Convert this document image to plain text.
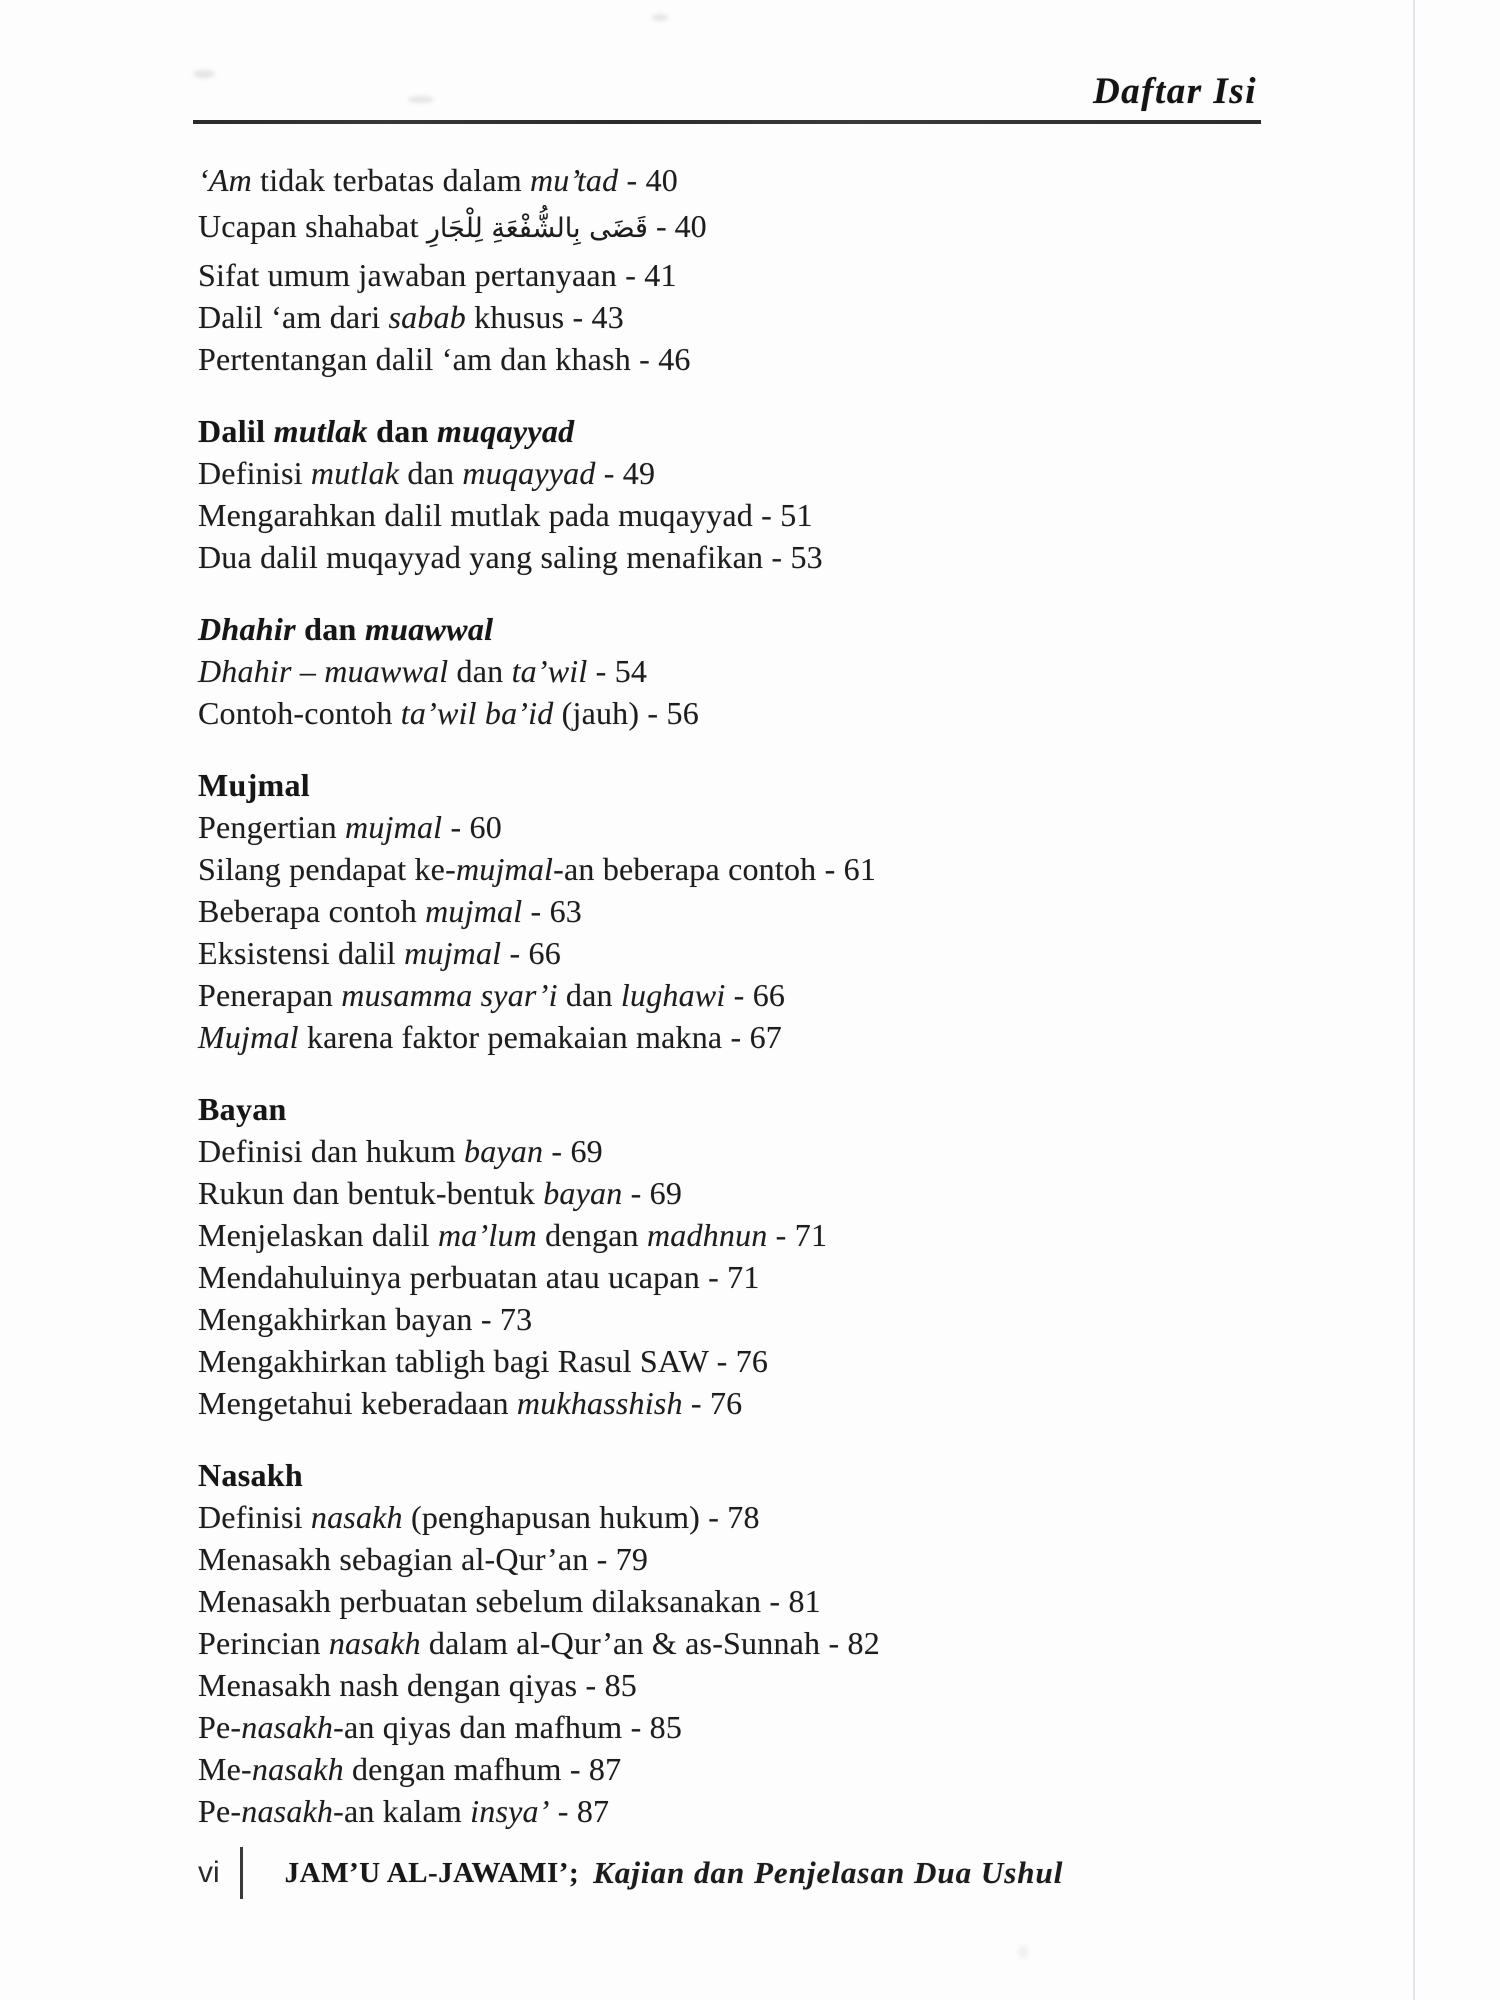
Daftar Isi
‘Am tidak terbatas dalam mu’tad - 40
Ucapan shahabat قَضَى بِالشُّفْعَةِ لِلْجَارِ - 40
Sifat umum jawaban pertanyaan - 41
Dalil ‘am dari sabab khusus - 43
Pertentangan dalil ‘am dan khash - 46
Dalil mutlak dan muqayyad
Definisi mutlak dan muqayyad - 49
Mengarahkan dalil mutlak pada muqayyad - 51
Dua dalil muqayyad yang saling menafikan - 53
Dhahir dan muawwal
Dhahir – muawwal dan ta’wil - 54
Contoh-contoh ta’wil ba’id (jauh) - 56
Mujmal
Pengertian mujmal - 60
Silang pendapat ke-mujmal-an beberapa contoh - 61
Beberapa contoh mujmal - 63
Eksistensi dalil mujmal - 66
Penerapan musamma syar’i dan lughawi - 66
Mujmal karena faktor pemakaian makna - 67
Bayan
Definisi dan hukum bayan - 69
Rukun dan bentuk-bentuk bayan - 69
Menjelaskan dalil ma’lum dengan madhnun - 71
Mendahuluinya perbuatan atau ucapan - 71
Mengakhirkan bayan - 73
Mengakhirkan tabligh bagi Rasul SAW - 76
Mengetahui keberadaan mukhasshish - 76
Nasakh
Definisi nasakh (penghapusan hukum) - 78
Menasakh sebagian al-Qur’an - 79
Menasakh perbuatan sebelum dilaksanakan - 81
Perincian nasakh dalam al-Qur’an & as-Sunnah - 82
Menasakh nash dengan qiyas - 85
Pe-nasakh-an qiyas dan mafhum - 85
Me-nasakh dengan mafhum - 87
Pe-nasakh-an kalam insya’ - 87
vi JAM’U AL-JAWAMI’; Kajian dan Penjelasan Dua Ushul
